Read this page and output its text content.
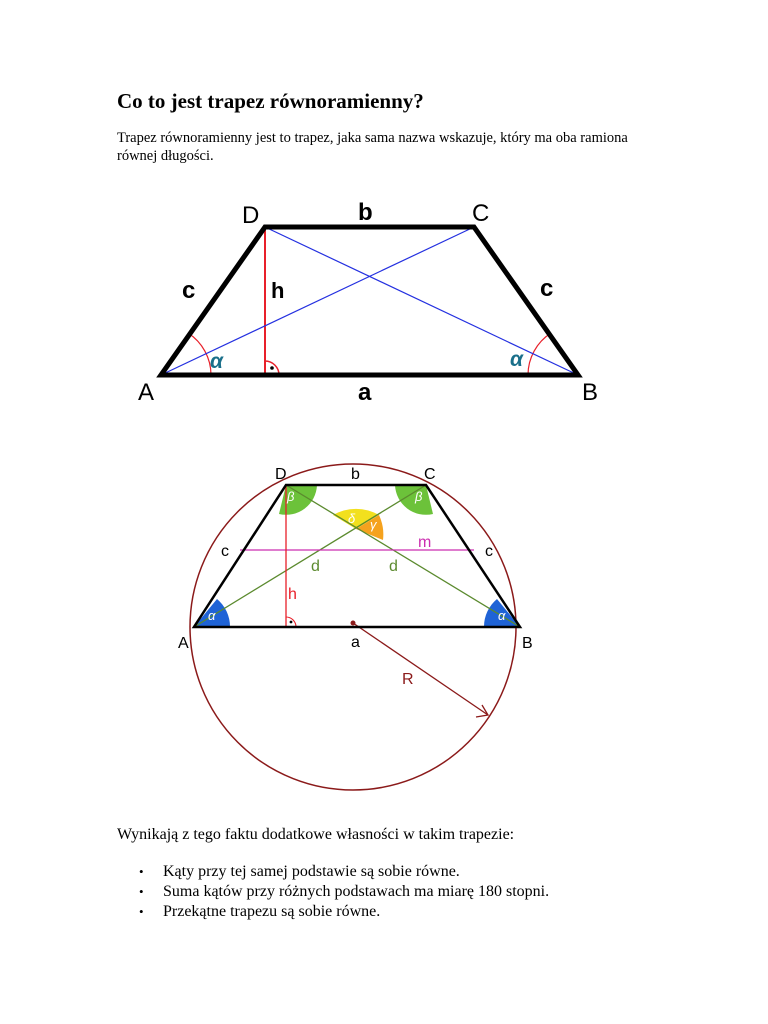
Co to jest trapez równoramienny?

Trapez równoramienny jest to trapez, jaka sama nazwa wskazuje, który ma oba ramiona równej długości.

A	B
C
D
a
b
c	c
h
α	α
A	B
C
D
a
b
c	c
h
m
d	d
R
α	α
β	β
δ γ

Wynikają z tego faktu dodatkowe własności w takim trapezie:

• Kąty przy tej samej podstawie są sobie równe.
• Suma kątów przy różnych podstawach ma miarę 180 stopni.
• Przekątne trapezu są sobie równe.
